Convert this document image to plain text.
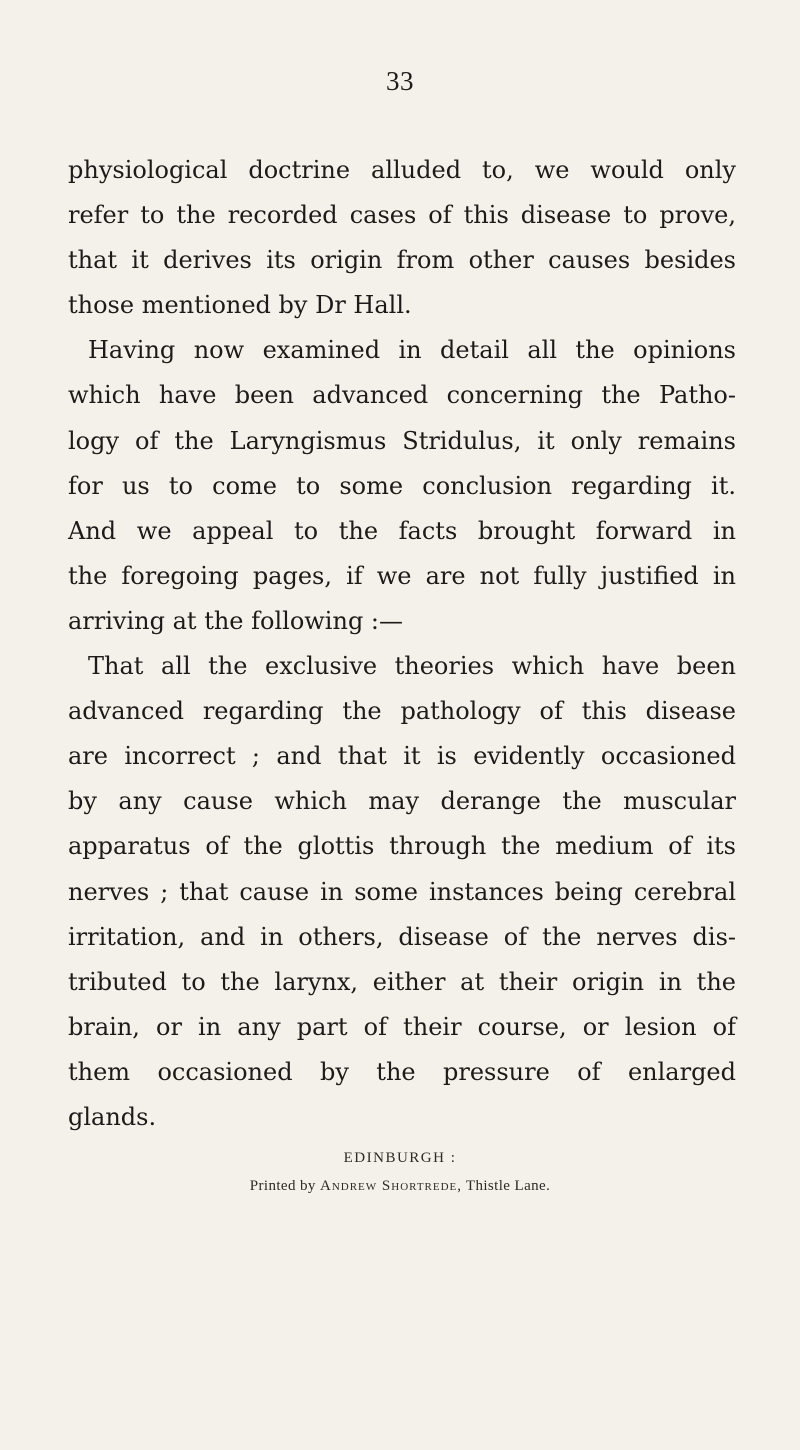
33
physiological doctrine alluded to, we would only
refer to the recorded cases of this disease to prove,
that it derives its origin from other causes besides
those mentioned by Dr Hall.
Having now examined in detail all the opinions
which have been advanced concerning the Patho-
logy of the Laryngismus Stridulus, it only remains
for us to come to some conclusion regarding it.
And we appeal to the facts brought forward in
the foregoing pages, if we are not fully justified in
arriving at the following :—
That all the exclusive theories which have been
advanced regarding the pathology of this disease
are incorrect ; and that it is evidently occasioned
by any cause which may derange the muscular
apparatus of the glottis through the medium of its
nerves ; that cause in some instances being cerebral
irritation, and in others, disease of the nerves dis-
tributed to the larynx, either at their origin in the
brain, or in any part of their course, or lesion of
them occasioned by the pressure of enlarged
glands.
EDINBURGH :
Printed by Andrew Shortrede, Thistle Lane.
